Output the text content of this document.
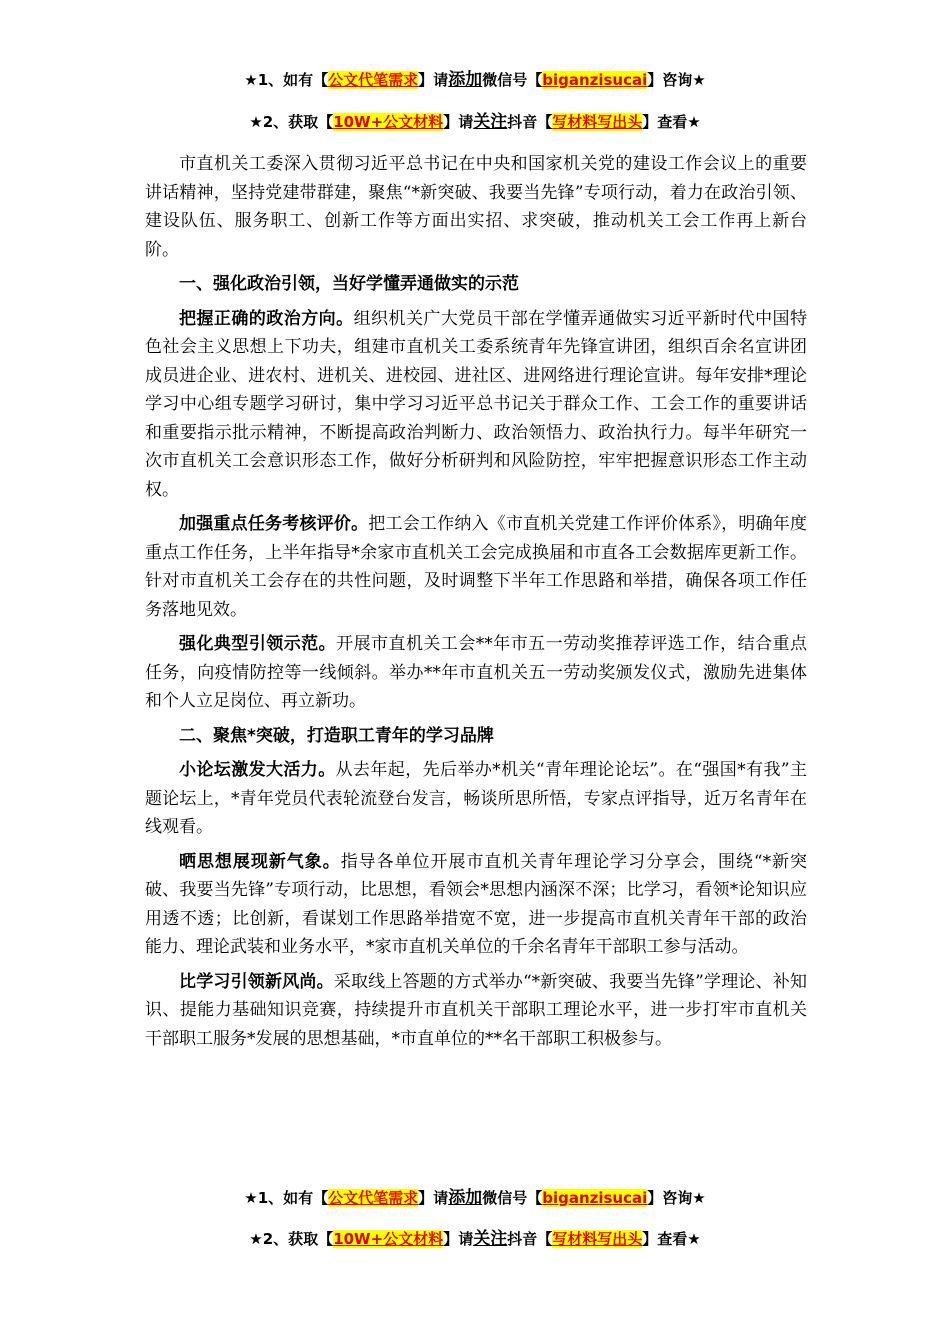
★1、如有【公文代笔需求】请添加微信号【biganzisucai】咨询★
★2、获取【10W+公文材料】请关注抖音【写材料写出头】查看★

市直机关工委深入贯彻习近平总书记在中央和国家机关党的建设工作会议上的重要讲话精神，坚持党建带群建，聚焦“*新突破、我要当先锋”专项行动，着力在政治引领、建设队伍、服务职工、创新工作等方面出实招、求突破，推动机关工会工作再上新台阶。

一、强化政治引领，当好学懂弄通做实的示范

把握正确的政治方向。组织机关广大党员干部在学懂弄通做实习近平新时代中国特色社会主义思想上下功夫，组建市直机关工委系统青年先锋宣讲团，组织百余名宣讲团成员进企业、进农村、进机关、进校园、进社区、进网络进行理论宣讲。每年安排*理论学习中心组专题学习研讨，集中学习习近平总书记关于群众工作、工会工作的重要讲话和重要指示批示精神，不断提高政治判断力、政治领悟力、政治执行力。每半年研究一次市直机关工会意识形态工作，做好分析研判和风险防控，牢牢把握意识形态工作主动权。

加强重点任务考核评价。把工会工作纳入《市直机关党建工作评价体系》，明确年度重点工作任务，上半年指导*余家市直机关工会完成换届和市直各工会数据库更新工作。针对市直机关工会存在的共性问题，及时调整下半年工作思路和举措，确保各项工作任务落地见效。

强化典型引领示范。开展市直机关工会**年市五一劳动奖推荐评选工作，结合重点任务，向疫情防控等一线倾斜。举办**年市直机关五一劳动奖颁发仪式，激励先进集体和个人立足岗位、再立新功。

二、聚焦*突破，打造职工青年的学习品牌

小论坛激发大活力。从去年起，先后举办*机关“青年理论论坛”。在“强国*有我”主题论坛上，*青年党员代表轮流登台发言，畅谈所思所悟，专家点评指导，近万名青年在线观看。

晒思想展现新气象。指导各单位开展市直机关青年理论学习分享会，围绕“*新突破、我要当先锋”专项行动，比思想，看领会*思想内涵深不深；比学习，看领*论知识应用透不透；比创新，看谋划工作思路举措宽不宽，进一步提高市直机关青年干部的政治能力、理论武装和业务水平，*家市直机关单位的千余名青年干部职工参与活动。

比学习引领新风尚。采取线上答题的方式举办“*新突破、我要当先锋”学理论、补知识、提能力基础知识竞赛，持续提升市直机关干部职工理论水平，进一步打牢市直机关干部职工服务*发展的思想基础，*市直单位的**名干部职工积极参与。

★1、如有【公文代笔需求】请添加微信号【biganzisucai】咨询★
★2、获取【10W+公文材料】请关注抖音【写材料写出头】查看★
